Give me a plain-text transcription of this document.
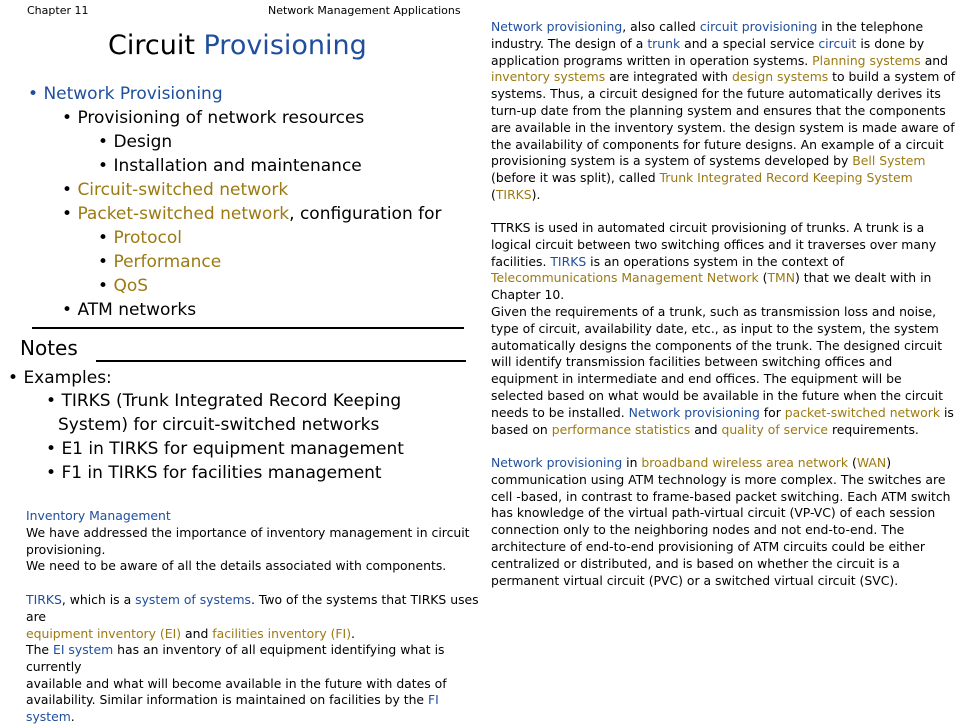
Chapter 11	Network Management Applications
Circuit Provisioning
• Network Provisioning
• Provisioning of network resources
• Design
• Installation and maintenance
• Circuit-switched network
• Packet-switched network, configuration for
• Protocol
• Performance
• QoS
• ATM networks
Notes
• Examples:
• TIRKS (Trunk Integrated Record Keeping
System) for circuit-switched networks
• E1 in TIRKS for equipment management
• F1 in TIRKS for facilities management
Inventory Management
We have addressed the importance of inventory management in circuit
provisioning.
We need to be aware of all the details associated with components.
TIRKS, which is a system of systems. Two of the systems that TIRKS uses are
equipment inventory (EI) and facilities inventory (FI).
The EI system has an inventory of all equipment identifying what is currently
available and what will become available in the future with dates of
availability. Similar information is maintained on facilities by the FI system.

Network provisioning, also called circuit provisioning in the telephone industry. The design of a trunk and a special service circuit is done by application programs written in operation systems. Planning systems and inventory systems are integrated with design systems to build a system of systems. Thus, a circuit designed for the future automatically derives its turn-up date from the planning system and ensures that the components are available in the inventory system. the design system is made aware of the availability of components for future designs. An example of a circuit provisioning system is a system of systems developed by Bell System (before it was split), called Trunk Integrated Record Keeping System (TIRKS).

TTRKS is used in automated circuit provisioning of trunks. A trunk is a logical circuit between two switching offices and it traverses over many facilities. TIRKS is an operations system in the context of Telecommunications Management Network (TMN) that we dealt with in Chapter 10.

Given the requirements of a trunk, such as transmission loss and noise, type of circuit, availability date, etc., as input to the system, the system automatically designs the components of the trunk. The designed circuit will identify transmission facilities between switching offices and equipment in intermediate and end offices. The equipment will be selected based on what would be available in the future when the circuit needs to be installed. Network provisioning for packet-switched network is based on performance statistics and quality of service requirements.

Network provisioning in broadband wireless area network (WAN) communication using ATM technology is more complex. The switches are cell -based, in contrast to frame-based packet switching. Each ATM switch has knowledge of the virtual path-virtual circuit (VP-VC) of each session connection only to the neighboring nodes and not end-to-end. The architecture of end-to-end provisioning of ATM circuits could be either centralized or distributed, and is based on whether the circuit is a permanent virtual circuit (PVC) or a switched virtual circuit (SVC).
